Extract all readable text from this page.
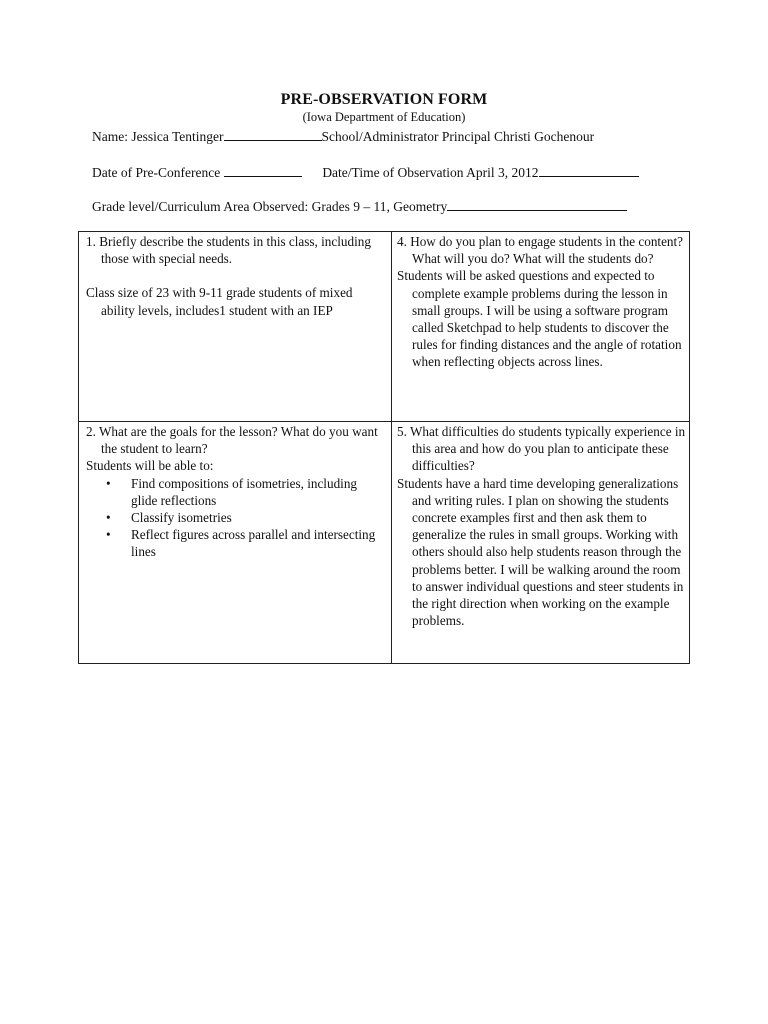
PRE-OBSERVATION FORM
(Iowa Department of Education)
Name: Jessica Tentinger	School/Administrator Principal Christi Gochenour
Date of Pre-Conference	Date/Time of Observation April 3, 2012
Grade level/Curriculum Area Observed: Grades 9 – 11, Geometry

1. Briefly describe the students in this class, including those with special needs.

Class size of 23 with 9-11 grade students of mixed ability levels, includes1 student with an IEP

4. How do you plan to engage students in the content? What will you do? What will the students do?

Students will be asked questions and expected to complete example problems during the lesson in small groups. I will be using a software program called Sketchpad to help students to discover the rules for finding distances and the angle of rotation when reflecting objects across lines.

2. What are the goals for the lesson? What do you want the student to learn?

Students will be able to:

• Find compositions of isometries, including glide reflections
• Classify isometries
• Reflect figures across parallel and intersecting lines

5. What difficulties do students typically experience in this area and how do you plan to anticipate these difficulties?

Students have a hard time developing generalizations and writing rules. I plan on showing the students concrete examples first and then ask them to generalize the rules in small groups. Working with others should also help students reason through the problems better. I will be walking around the room to answer individual questions and steer students in the right direction when working on the example problems.
